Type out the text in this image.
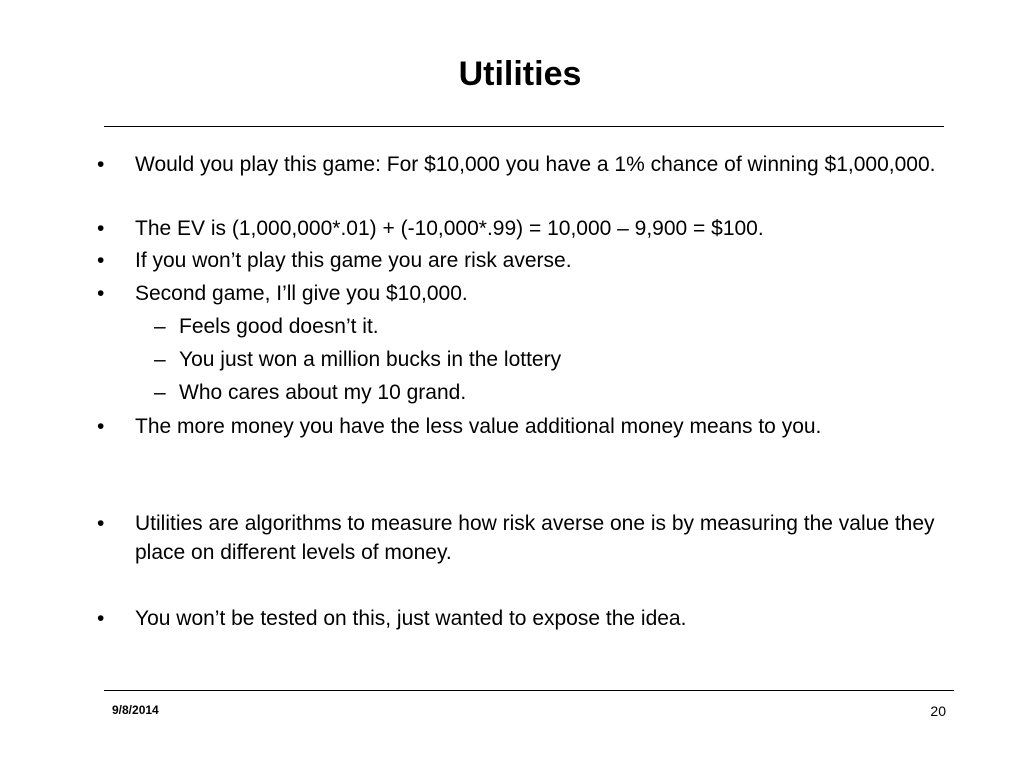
Utilities
•	Would you play this game: For $10,000 you have a 1% chance of winning $1,000,000.
•	The EV is (1,000,000*.01) + (-10,000*.99) = 10,000 – 9,900 = $100.
•	If you won’t play this game you are risk averse.
•	Second game, I’ll give you $10,000.
– Feels good doesn’t it.
– You just won a million bucks in the lottery
– Who cares about my 10 grand.
•	The more money you have the less value additional money means to you.
•	Utilities are algorithms to measure how risk averse one is by measuring the value they place on different levels of money.
•	You won’t be tested on this, just wanted to expose the idea.
9/8/2014	20
